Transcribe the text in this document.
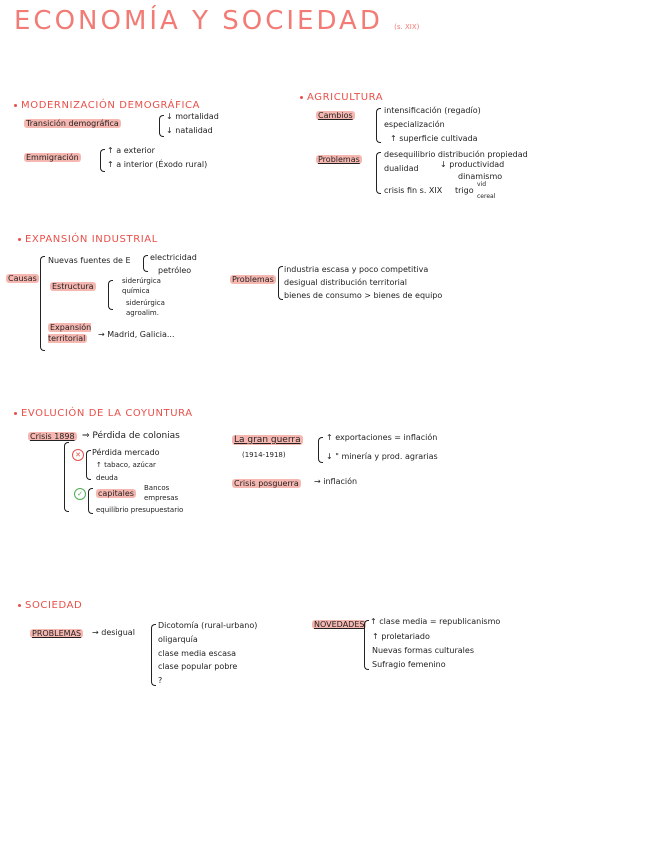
ECONOMÍA Y SOCIEDAD (s. XIX)
MODERNIZACIÓN DEMOGRÁFICA
Transición demográfica
↓ mortalidad
↓ natalidad
Emmigración
↑ a exterior
↑ a interior (Éxodo rural)
AGRICULTURA
Cambios
intensificación (regadío)
especialización
↑ superficie cultivada
Problemas
desequilibrio distribución propiedad
dualidad	↓ productividad
dinamismo
crisis fin s. XIX trigo
vid
cereal
EXPANSIÓN INDUSTRIAL
Causas
Nuevas fuentes de E electricidad
petróleo
Estructura
siderúrgica
química
siderúrgica
agroalim.
Expansión territorial	→ Madrid, Galicia...
Problemas
industria escasa y poco competitiva
desigual distribución territorial
bienes de consumo > bienes de equipo
EVOLUCIÓN DE LA COYUNTURA
Crisis 1898 ⇒ Pérdida de colonias
✕	Pérdida mercado
↑ tabaco, azúcar
deuda
✓	capitales
Bancos
empresas
equilibrio presupuestario
La gran guerra
(1914-1918)
↑ exportaciones = inflación
↓ " minería y prod. agrarias
Crisis posguerra → inflación
SOCIEDAD
PROBLEMAS → desigual
Dicotomía (rural-urbano)
oligarquía
clase media escasa
clase popular pobre
?
NOVEDADES ↑ clase media = republicanismo
↑ proletariado
Nuevas formas culturales
Sufragio femenino
